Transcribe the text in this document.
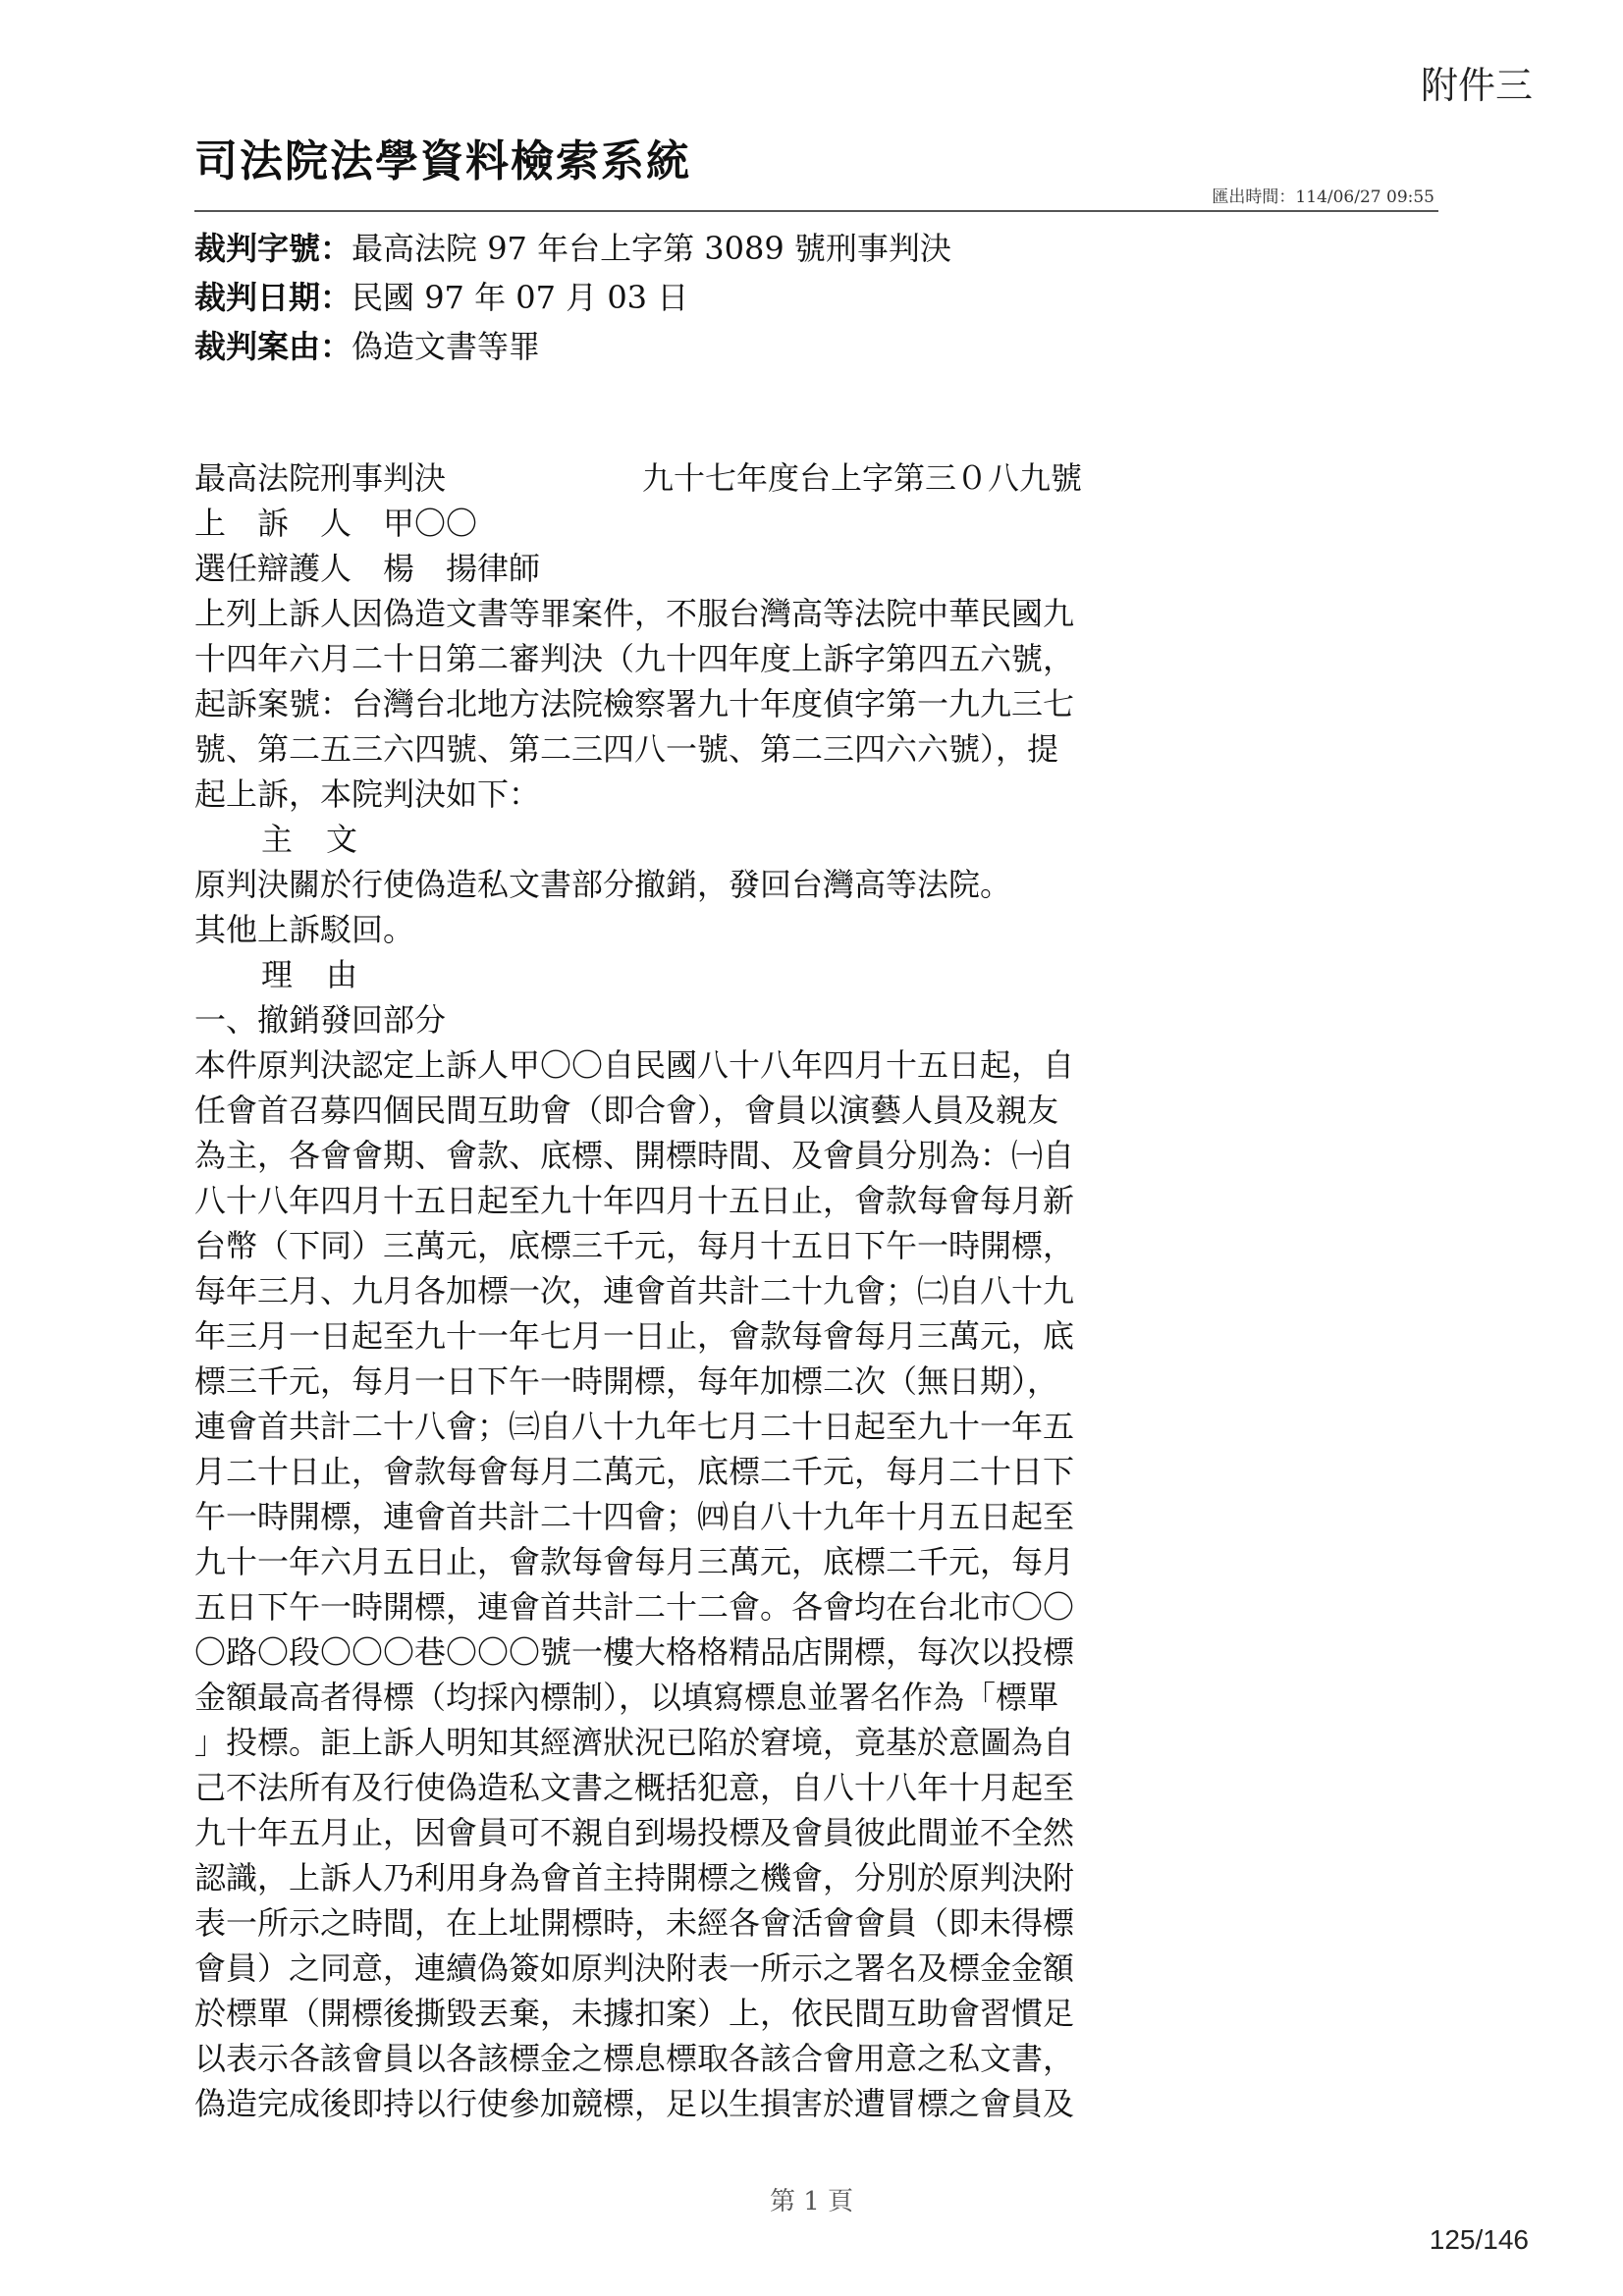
附件三
司法院法學資料檢索系統
匯出時間：114/06/27 09:55
裁判字號：最高法院 97 年台上字第 3089 號刑事判決
裁判日期：民國 97 年 07 月 03 日
裁判案由：偽造文書等罪
最高法院刑事判決	九十七年度台上字第三０八九號
上　訴　人　甲〇〇
選任辯護人　楊　揚律師
上列上訴人因偽造文書等罪案件，不服台灣高等法院中華民國九
十四年六月二十日第二審判決（九十四年度上訴字第四五六號，
起訴案號：台灣台北地方法院檢察署九十年度偵字第一九九三七
號、第二五三六四號、第二三四八一號、第二三四六六號），提
起上訴，本院判決如下：
主文
原判決關於行使偽造私文書部分撤銷，發回台灣高等法院。
其他上訴駁回。
理由
一、撤銷發回部分
本件原判決認定上訴人甲〇〇自民國八十八年四月十五日起，自
任會首召募四個民間互助會（即合會），會員以演藝人員及親友
為主，各會會期、會款、底標、開標時間、及會員分別為：㈠自
八十八年四月十五日起至九十年四月十五日止，會款每會每月新
台幣（下同）三萬元，底標三千元，每月十五日下午一時開標，
每年三月、九月各加標一次，連會首共計二十九會；㈡自八十九
年三月一日起至九十一年七月一日止，會款每會每月三萬元，底
標三千元，每月一日下午一時開標，每年加標二次（無日期），
連會首共計二十八會；㈢自八十九年七月二十日起至九十一年五
月二十日止，會款每會每月二萬元，底標二千元，每月二十日下
午一時開標，連會首共計二十四會；㈣自八十九年十月五日起至
九十一年六月五日止，會款每會每月三萬元，底標二千元，每月
五日下午一時開標，連會首共計二十二會。各會均在台北市〇〇
〇路〇段〇〇〇巷〇〇〇號一樓大格格精品店開標，每次以投標
金額最高者得標（均採內標制），以填寫標息並署名作為「標單
」投標。詎上訴人明知其經濟狀況已陷於窘境，竟基於意圖為自
己不法所有及行使偽造私文書之概括犯意，自八十八年十月起至
九十年五月止，因會員可不親自到場投標及會員彼此間並不全然
認識，上訴人乃利用身為會首主持開標之機會，分別於原判決附
表一所示之時間，在上址開標時，未經各會活會會員（即未得標
會員）之同意，連續偽簽如原判決附表一所示之署名及標金金額
於標單（開標後撕毀丟棄，未據扣案）上，依民間互助會習慣足
以表示各該會員以各該標金之標息標取各該合會用意之私文書，
偽造完成後即持以行使參加競標，足以生損害於遭冒標之會員及
第 1 頁
125/146
